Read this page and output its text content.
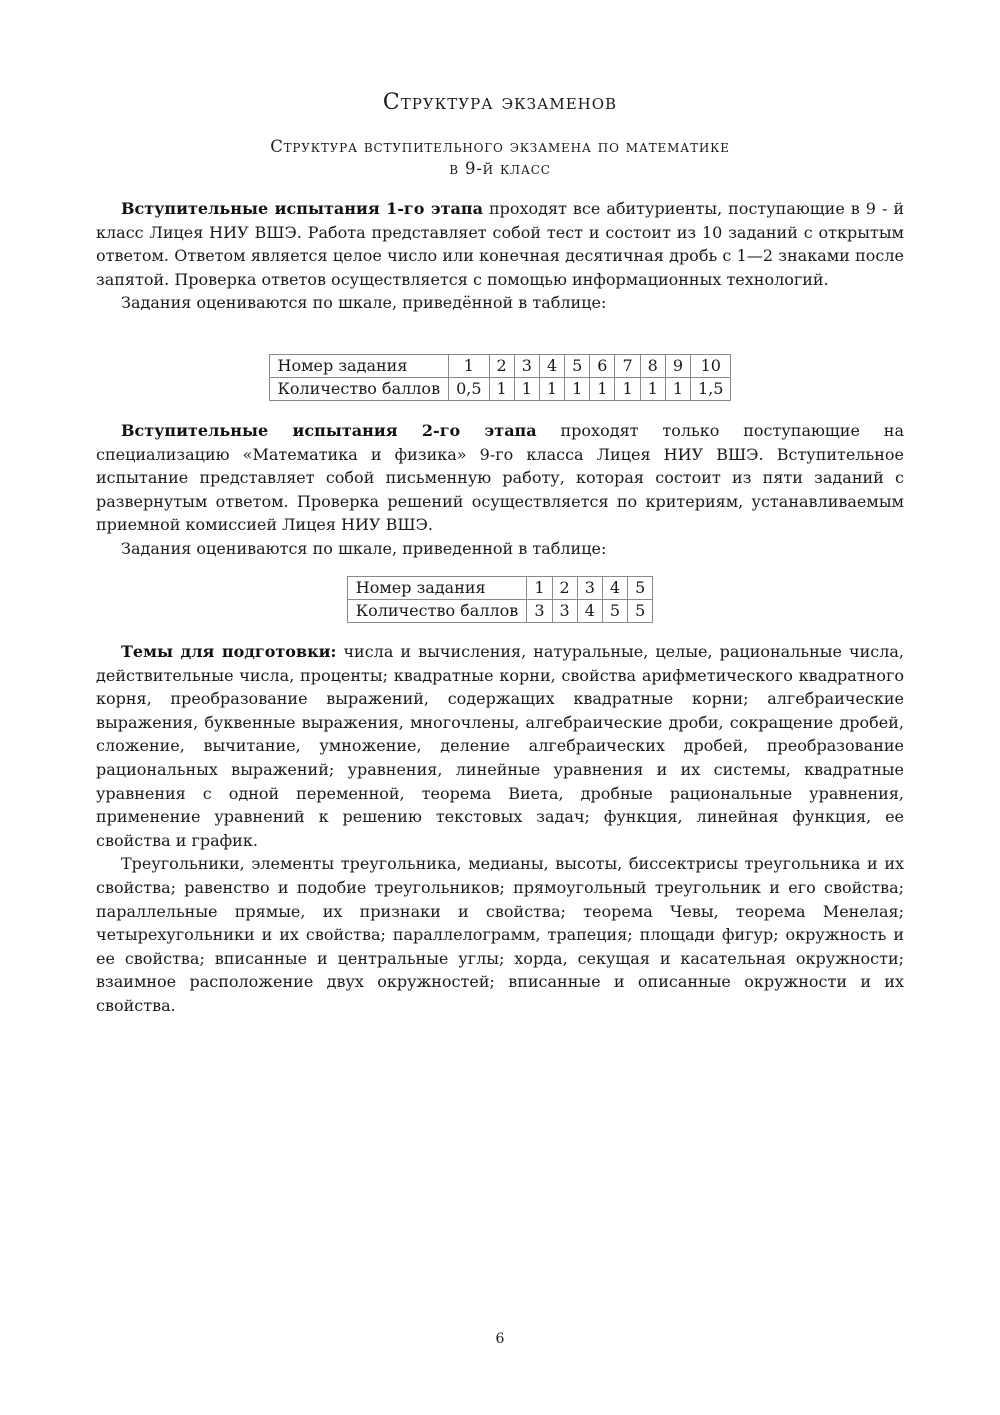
Структура экзаменов
Структура вступительного экзамена по математике
в 9-й класс

Вступительные испытания 1-го этапа проходят все абитуриенты, поступающие в 9 - й класс Лицея НИУ ВШЭ. Работа представляет собой тест и состоит из 10 заданий с открытым ответом. Ответом является целое число или конечная десятичная дробь с 1—2 знаками после запятой. Проверка ответов осуществляется с помощью информационных технологий.

Задания оцениваются по шкале, приведённой в таблице:

Номер задания	1	2	3	4	5	6	7	8	9	10
Количество баллов	0,5	1	1	1	1	1	1	1	1	1,5

Вступительные испытания 2-го этапа проходят только поступающие на специализацию «Математика и физика» 9-го класса Лицея НИУ ВШЭ. Вступительное испытание представляет собой письменную работу, которая состоит из пяти заданий с развернутым ответом. Проверка решений осуществляется по критериям, устанавливаемым приемной комиссией Лицея НИУ ВШЭ.

Задания оцениваются по шкале, приведенной в таблице:

Номер задания	1	2	3	4	5
Количество баллов	3	3	4	5	5

Темы для подготовки: числа и вычисления, натуральные, целые, рациональные числа, действительные числа, проценты; квадратные корни, свойства арифметического квадратного корня, преобразование выражений, содержащих квадратные корни; алгебраические выражения, буквенные выражения, многочлены, алгебраические дроби, сокращение дробей, сложение, вычитание, умножение, деление алгебраических дробей, преобразование рациональных выражений; уравнения, линейные уравнения и их системы, квадратные уравнения с одной переменной, теорема Виета, дробные рациональные уравнения, применение уравнений к решению текстовых задач; функция, линейная функция, ее свойства и график.

Треугольники, элементы треугольника, медианы, высоты, биссектрисы треугольника и их свойства; равенство и подобие треугольников; прямоугольный треугольник и его свойства; параллельные прямые, их признаки и свойства; теорема Чевы, теорема Менелая; четырехугольники и их свойства; параллелограмм, трапеция; площади фигур; окружность и ее свойства; вписанные и центральные углы; хорда, секущая и касательная окружности; взаимное расположение двух окружностей; вписанные и описанные окружности и их свойства.

6
